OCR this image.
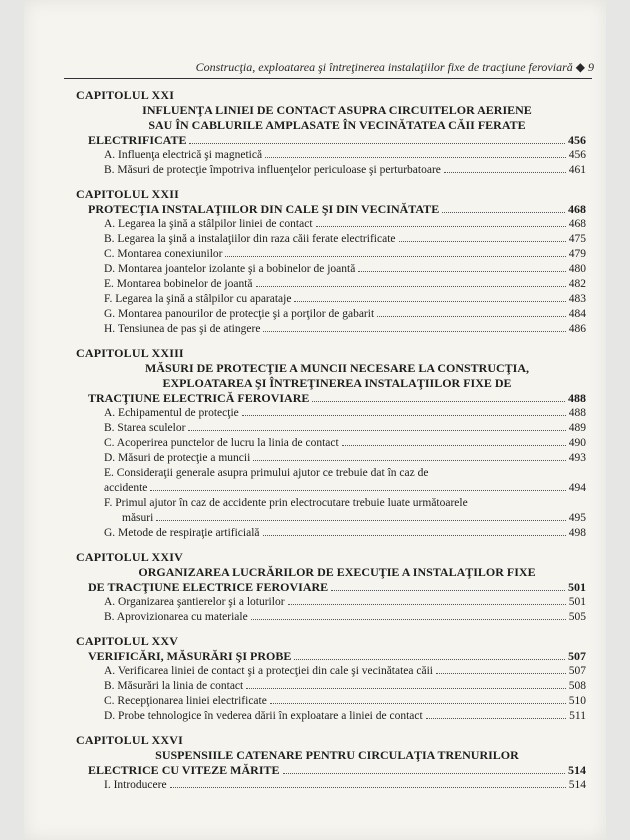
Construcţia, exploatarea şi întreţinerea instalaţiilor fixe de tracţiune feroviară ◆ 9
CAPITOLUL XXI
INFLUENŢA LINIEI DE CONTACT ASUPRA CIRCUITELOR AERIENE
SAU ÎN CABLURILE AMPLASATE ÎN VECINĂTATEA CĂII FERATE
ELECTRIFICATE	456
A. Influenţa electrică şi magnetică	456
B. Măsuri de protecţie împotriva influenţelor periculoase şi perturbatoare	461
CAPITOLUL XXII
PROTECŢIA INSTALAŢIILOR DIN CALE ŞI DIN VECINĂTATE	468
A. Legarea la şină a stâlpilor liniei de contact	468
B. Legarea la şină a instalaţiilor din raza căii ferate electrificate	475
C. Montarea conexiunilor	479
D. Montarea joantelor izolante şi a bobinelor de joantă	480
E. Montarea bobinelor de joantă	482
F. Legarea la şină a stâlpilor cu aparataje	483
G. Montarea panourilor de protecţie şi a porţilor de gabarit	484
H. Tensiunea de pas şi de atingere	486
CAPITOLUL XXIII
MĂSURI DE PROTECŢIE A MUNCII NECESARE LA CONSTRUCŢIA,
EXPLOATAREA ŞI ÎNTREŢINEREA INSTALAŢIILOR FIXE DE
TRACŢIUNE ELECTRICĂ FEROVIARE	488
A. Echipamentul de protecţie	488
B. Starea sculelor	489
C. Acoperirea punctelor de lucru la linia de contact	490
D. Măsuri de protecţie a muncii	493
E. Consideraţii generale asupra primului ajutor ce trebuie dat în caz de
accidente	494
F. Primul ajutor în caz de accidente prin electrocutare trebuie luate următoarele
măsuri	495
G. Metode de respiraţie artificială	498
CAPITOLUL XXIV
ORGANIZAREA LUCRĂRILOR DE EXECUŢIE A INSTALAŢILOR FIXE
DE TRACŢIUNE ELECTRICE FEROVIARE	501
A. Organizarea şantierelor şi a loturilor	501
B. Aprovizionarea cu materiale	505
CAPITOLUL XXV
VERIFICĂRI, MĂSURĂRI ŞI PROBE	507
A. Verificarea liniei de contact şi a protecţiei din cale şi vecinătatea căii	507
B. Măsurări la linia de contact	508
C. Recepţionarea liniei electrificate	510
D. Probe tehnologice în vederea dării în exploatare a liniei de contact	511
CAPITOLUL XXVI
SUSPENSIILE CATENARE PENTRU CIRCULAŢIA TRENURILOR
ELECTRICE CU VITEZE MĂRITE	514
I. Introducere	514
